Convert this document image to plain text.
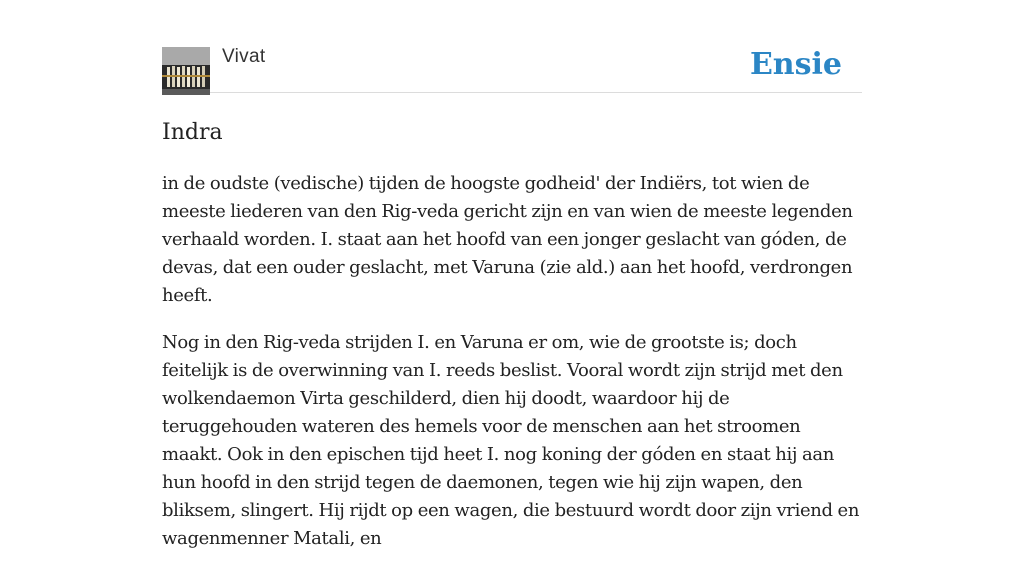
Vivat	Ensie
Indra

in de oudste (vedische) tijden de hoogste godheid' der Indiërs, tot wien de meeste liederen van den Rig-veda gericht zijn en van wien de meeste legenden verhaald worden. I. staat aan het hoofd van een jonger geslacht van góden, de devas, dat een ouder geslacht, met Varuna (zie ald.) aan het hoofd, verdrongen heeft.

Nog in den Rig-veda strijden I. en Varuna er om, wie de grootste is; doch feitelijk is de overwinning van I. reeds beslist. Vooral wordt zijn strijd met den wolkendaemon Virta geschilderd, dien hij doodt, waardoor hij de teruggehouden wateren des hemels voor de menschen aan het stroomen maakt. Ook in den epischen tijd heet I. nog koning der góden en staat hij aan hun hoofd in den strijd tegen de daemonen, tegen wie hij zijn wapen, den bliksem, slingert. Hij rijdt op een wagen, die bestuurd wordt door zijn vriend en wagenmenner Matali, en
